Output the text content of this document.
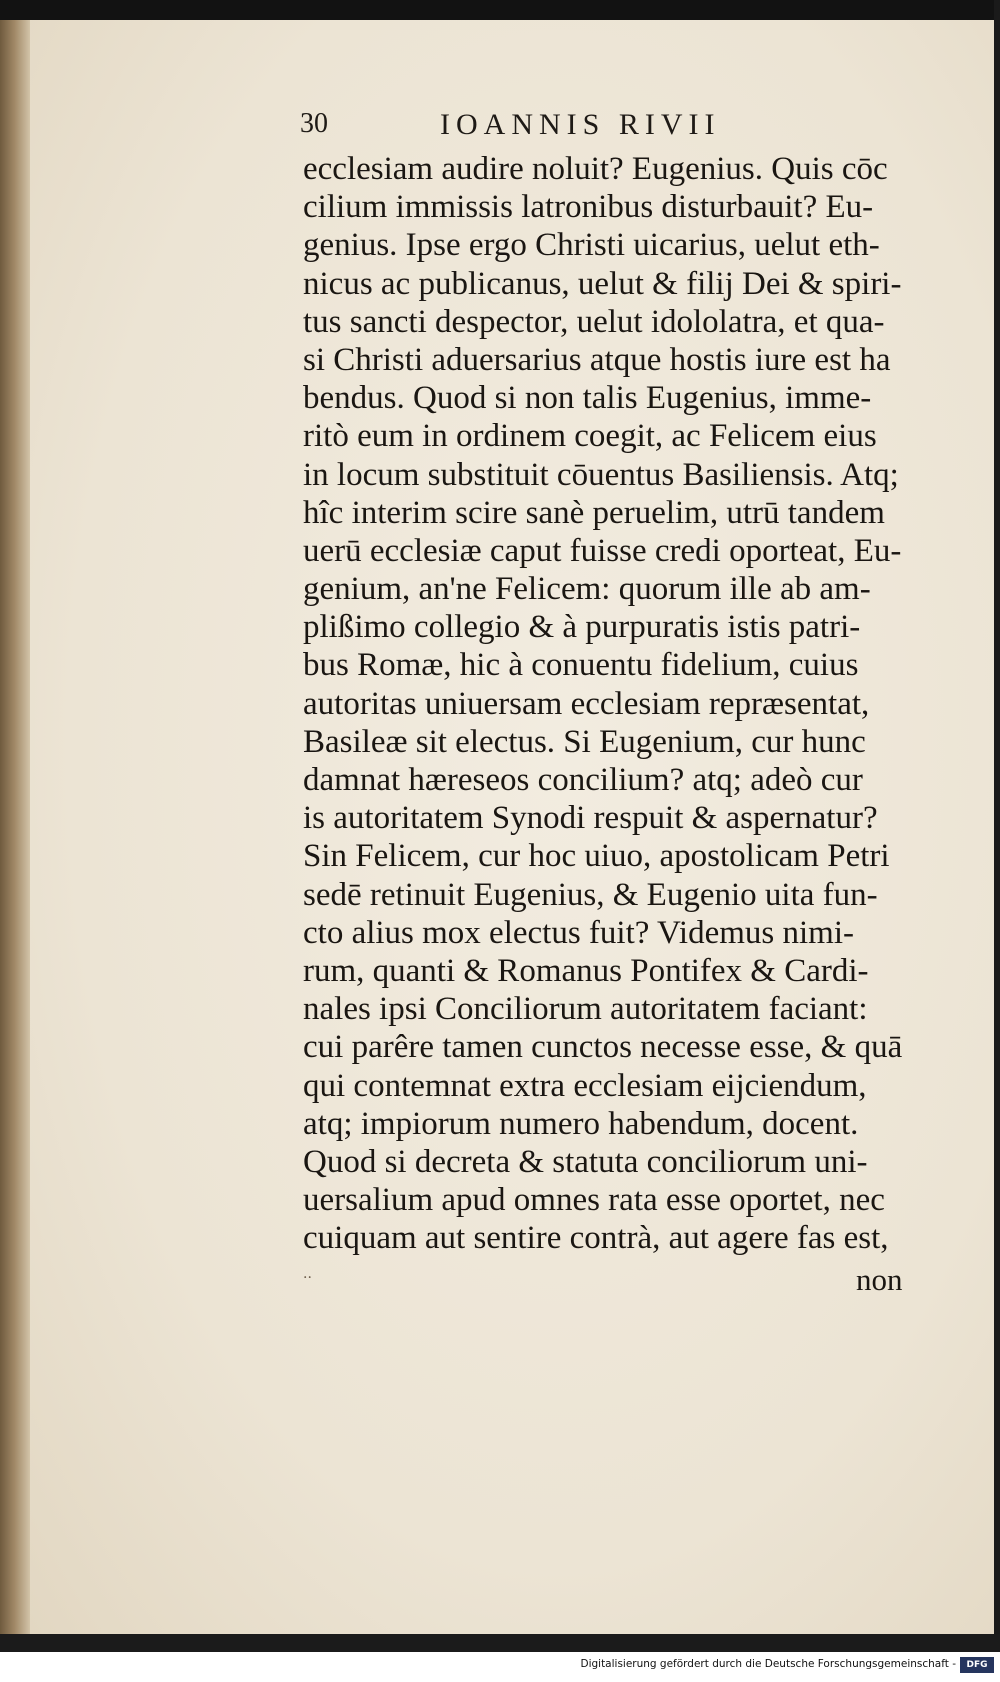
30	IOANNIS RIVII
ecclesiam audire noluit? Eugenius. Quis cōc
cilium immissis latronibus disturbauit? Eu-
genius. Ipse ergo Christi uicarius, uelut eth-
nicus ac publicanus, uelut & filij Dei & spiri-
tus sancti despector, uelut idololatra, et qua-
si Christi aduersarius atque hostis iure est ha
bendus. Quod si non talis Eugenius, imme-
ritò eum in ordinem coegit, ac Felicem eius
in locum substituit cōuentus Basiliensis. Atq;
hîc interim scire sanè peruelim, utrū tandem
uerū ecclesiæ caput fuisse credi oporteat, Eu-
genium, an'ne Felicem: quorum ille ab am-
plißimo collegio & à purpuratis istis patri-
bus Romæ, hic à conuentu fidelium, cuius
autoritas uniuersam ecclesiam repræsentat,
Basileæ sit electus. Si Eugenium, cur hunc
damnat hæreseos concilium? atq; adeò cur
is autoritatem Synodi respuit & aspernatur?
Sin Felicem, cur hoc uiuo, apostolicam Petri
sedē retinuit Eugenius, & Eugenio uita fun-
cto alius mox electus fuit? Videmus nimi-
rum, quanti & Romanus Pontifex & Cardi-
nales ipsi Conciliorum autoritatem faciant:
cui parêre tamen cunctos necesse esse, & quā
qui contemnat extra ecclesiam eijciendum,
atq; impiorum numero habendum, docent.
Quod si decreta & statuta conciliorum uni-
uersalium apud omnes rata esse oportet, nec
cuiquam aut sentire contrà, aut agere fas est,
··	non
Digitalisierung gefördert durch die Deutsche Forschungsgemeinschaft -	DFG
